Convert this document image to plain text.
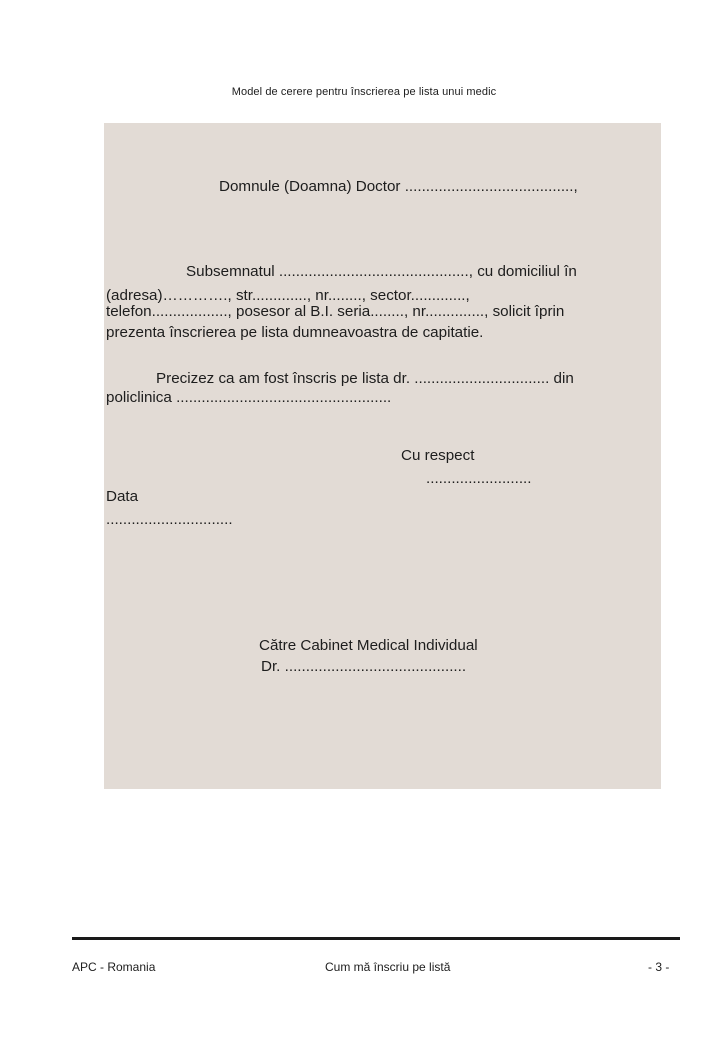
Model de cerere pentru înscrierea pe lista unui medic
Domnule (Doamna) Doctor ........................................,
Subsemnatul ............................................., cu domiciliul în
(adresa)…………., str............., nr........, sector.............,
telefon.................., posesor al B.I. seria........, nr.............., solicit îprin
prezenta înscrierea pe lista dumneavoastra de capitatie.
Precizez ca am fost înscris pe lista dr. ................................ din
policlinica ...................................................
Cu respect
.........................
Data
..............................
Către Cabinet Medical Individual
Dr. ...........................................
APC - Romania	Cum mă înscriu pe listă	- 3 -
